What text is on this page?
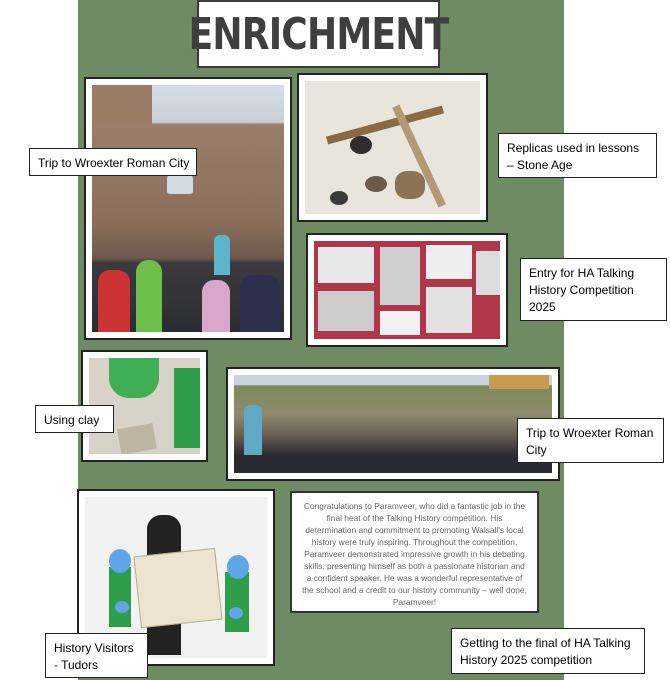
ENRICHMENT
Congratulations to Paramveer, who did a fantastic job in the final heat of the Talking History competition. His determination and commitment to promoting Walsall's local history were truly inspiring. Throughout the competition, Paramveer demonstrated impressive growth in his debating skills, presenting himself as both a passionate historian and a confident speaker. He was a wonderful representative of the school and a credit to our history community – well done, Paramveer!
Trip to Wroexter Roman City
Replicas used in lessons – Stone Age
Entry for HA Talking History Competition 2025
Using clay
Trip to Wroexter Roman City
History Visitors - Tudors
Getting to the final of HA Talking History 2025 competition
